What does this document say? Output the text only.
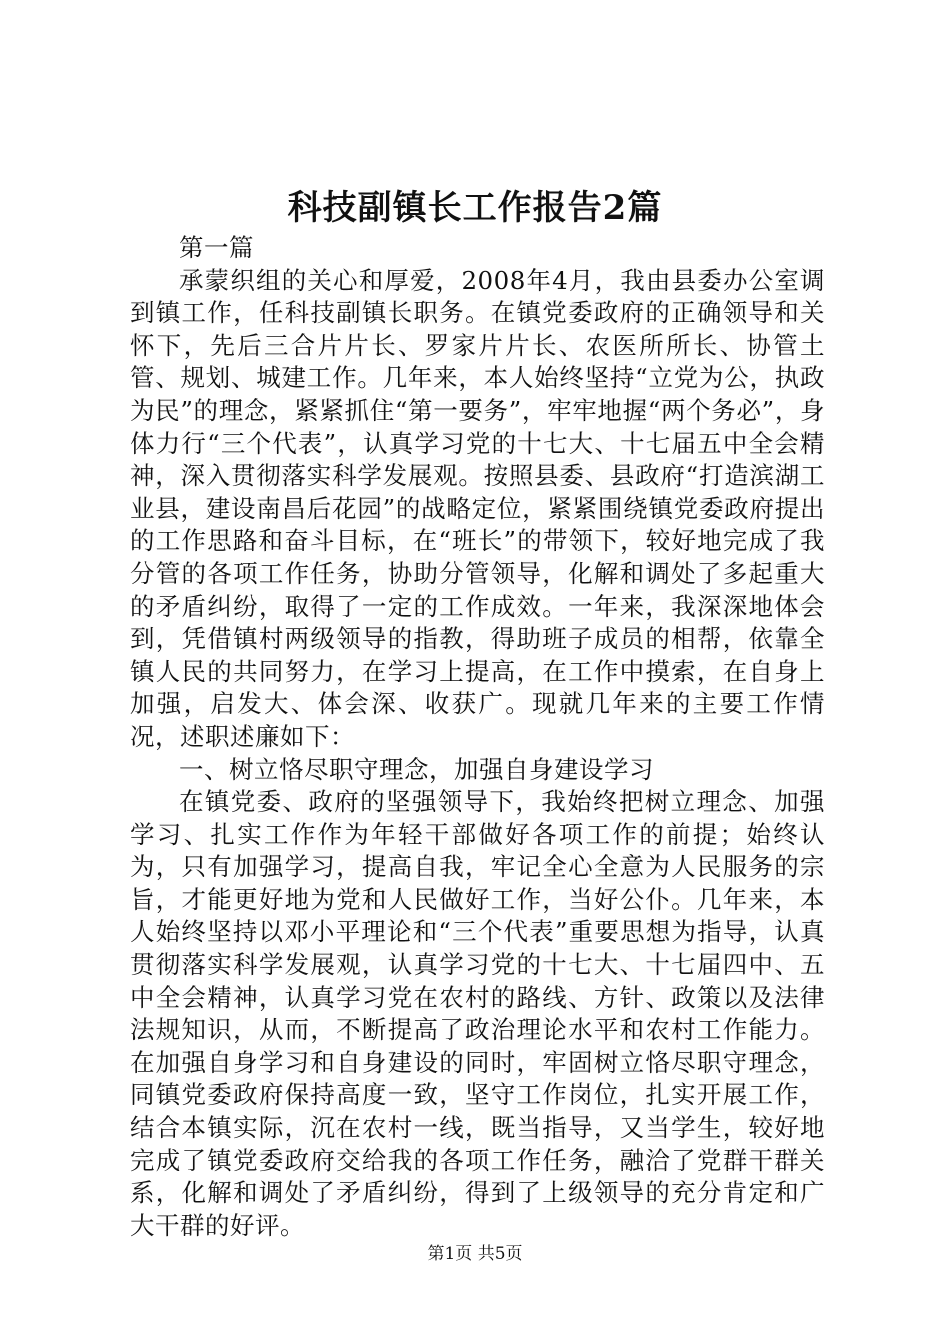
科技副镇长工作报告2篇

第一篇

承蒙织组的关心和厚爱，2008年4月，我由县委办公室调到镇工作，任科技副镇长职务。在镇党委政府的正确领导和关怀下，先后三合片片长、罗家片片长、农医所所长、协管土管、规划、城建工作。几年来，本人始终坚持“立党为公，执政为民”的理念，紧紧抓住“第一要务”，牢牢地握“两个务必”，身体力行“三个代表”，认真学习党的十七大、十七届五中全会精神，深入贯彻落实科学发展观。按照县委、县政府“打造滨湖工业县，建设南昌后花园”的战略定位，紧紧围绕镇党委政府提出的工作思路和奋斗目标，在“班长”的带领下，较好地完成了我分管的各项工作任务，协助分管领导，化解和调处了多起重大的矛盾纠纷，取得了一定的工作成效。一年来，我深深地体会到，凭借镇村两级领导的指教，得助班子成员的相帮，依靠全镇人民的共同努力，在学习上提高，在工作中摸索，在自身上加强，启发大、体会深、收获广。现就几年来的主要工作情况，述职述廉如下：

一、树立恪尽职守理念，加强自身建设学习

在镇党委、政府的坚强领导下，我始终把树立理念、加强学习、扎实工作作为年轻干部做好各项工作的前提；始终认为，只有加强学习，提高自我，牢记全心全意为人民服务的宗旨，才能更好地为党和人民做好工作，当好公仆。几年来，本人始终坚持以邓小平理论和“三个代表”重要思想为指导，认真贯彻落实科学发展观，认真学习党的十七大、十七届四中、五中全会精神，认真学习党在农村的路线、方针、政策以及法律法规知识，从而，不断提高了政治理论水平和农村工作能力。在加强自身学习和自身建设的同时，牢固树立恪尽职守理念，同镇党委政府保持高度一致，坚守工作岗位，扎实开展工作，结合本镇实际，沉在农村一线，既当指导，又当学生，较好地完成了镇党委政府交给我的各项工作任务，融洽了党群干群关系，化解和调处了矛盾纠纷，得到了上级领导的充分肯定和广大干群的好评。

第1页 共5页
